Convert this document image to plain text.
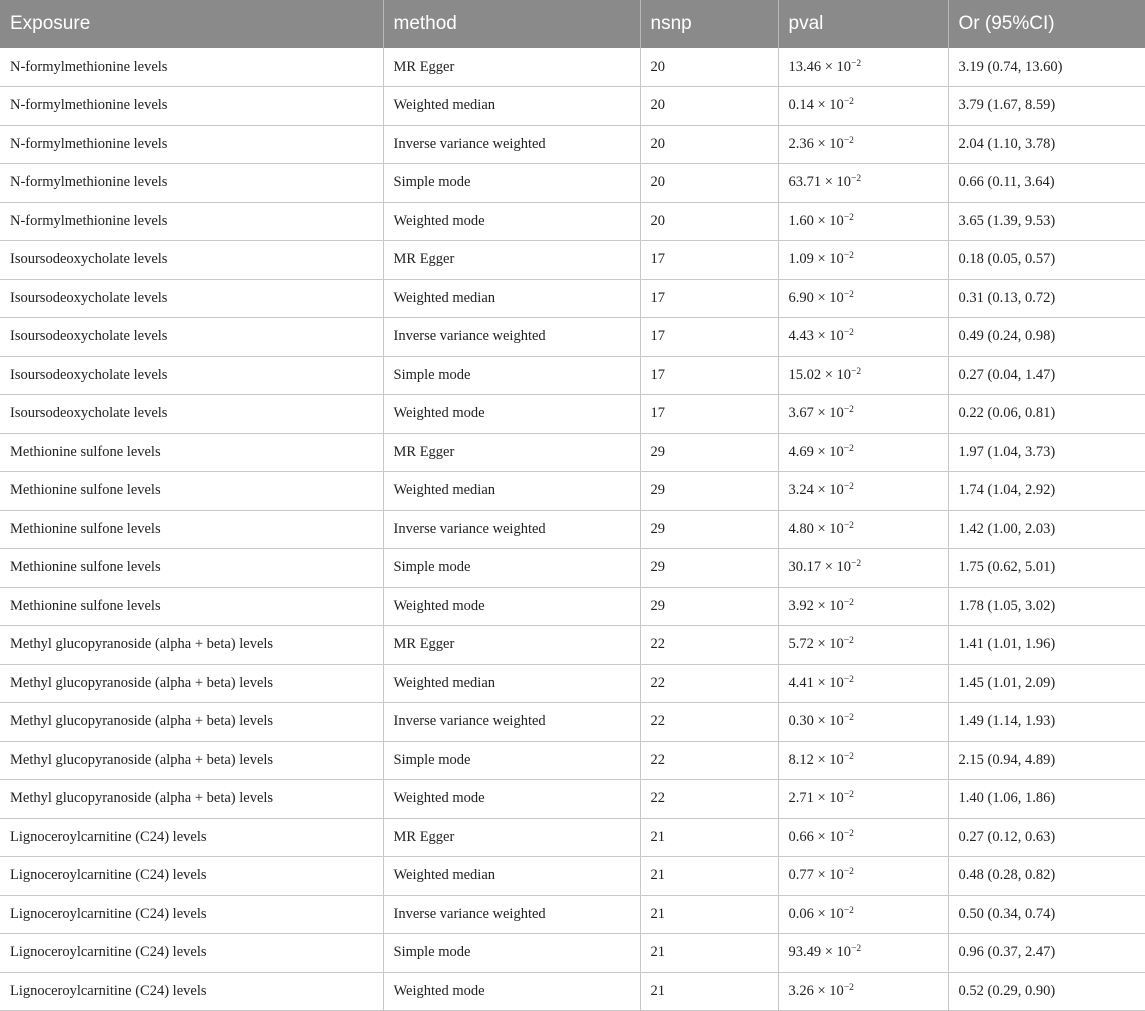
Exposure	method	nsnp	pval	Or (95%CI)
N-formylmethionine levels	MR Egger	20	$13.46 \times 10^{-2}$	3.19 (0.74, 13.60)
N-formylmethionine levels	Weighted median	20	$0.14 \times 10^{-2}$	3.79 (1.67, 8.59)
N-formylmethionine levels	Inverse variance weighted	20	$2.36 \times 10^{-2}$	2.04 (1.10, 3.78)
N-formylmethionine levels	Simple mode	20	$63.71 \times 10^{-2}$	0.66 (0.11, 3.64)
N-formylmethionine levels	Weighted mode	20	$1.60 \times 10^{-2}$	3.65 (1.39, 9.53)
Isoursodeoxycholate levels	MR Egger	17	$1.09 \times 10^{-2}$	0.18 (0.05, 0.57)
Isoursodeoxycholate levels	Weighted median	17	$6.90 \times 10^{-2}$	0.31 (0.13, 0.72)
Isoursodeoxycholate levels	Inverse variance weighted	17	$4.43 \times 10^{-2}$	0.49 (0.24, 0.98)
Isoursodeoxycholate levels	Simple mode	17	$15.02 \times 10^{-2}$	0.27 (0.04, 1.47)
Isoursodeoxycholate levels	Weighted mode	17	$3.67 \times 10^{-2}$	0.22 (0.06, 0.81)
Methionine sulfone levels	MR Egger	29	$4.69 \times 10^{-2}$	1.97 (1.04, 3.73)
Methionine sulfone levels	Weighted median	29	$3.24 \times 10^{-2}$	1.74 (1.04, 2.92)
Methionine sulfone levels	Inverse variance weighted	29	$4.80 \times 10^{-2}$	1.42 (1.00, 2.03)
Methionine sulfone levels	Simple mode	29	$30.17 \times 10^{-2}$	1.75 (0.62, 5.01)
Methionine sulfone levels	Weighted mode	29	$3.92 \times 10^{-2}$	1.78 (1.05, 3.02)
Methyl glucopyranoside (alpha + beta) levels	MR Egger	22	$5.72 \times 10^{-2}$	1.41 (1.01, 1.96)
Methyl glucopyranoside (alpha + beta) levels	Weighted median	22	$4.41 \times 10^{-2}$	1.45 (1.01, 2.09)
Methyl glucopyranoside (alpha + beta) levels	Inverse variance weighted	22	$0.30 \times 10^{-2}$	1.49 (1.14, 1.93)
Methyl glucopyranoside (alpha + beta) levels	Simple mode	22	$8.12 \times 10^{-2}$	2.15 (0.94, 4.89)
Methyl glucopyranoside (alpha + beta) levels	Weighted mode	22	$2.71 \times 10^{-2}$	1.40 (1.06, 1.86)
Lignoceroylcarnitine (C24) levels	MR Egger	21	$0.66 \times 10^{-2}$	0.27 (0.12, 0.63)
Lignoceroylcarnitine (C24) levels	Weighted median	21	$0.77 \times 10^{-2}$	0.48 (0.28, 0.82)
Lignoceroylcarnitine (C24) levels	Inverse variance weighted	21	$0.06 \times 10^{-2}$	0.50 (0.34, 0.74)
Lignoceroylcarnitine (C24) levels	Simple mode	21	$93.49 \times 10^{-2}$	0.96 (0.37, 2.47)
Lignoceroylcarnitine (C24) levels	Weighted mode	21	$3.26 \times 10^{-2}$	0.52 (0.29, 0.90)
